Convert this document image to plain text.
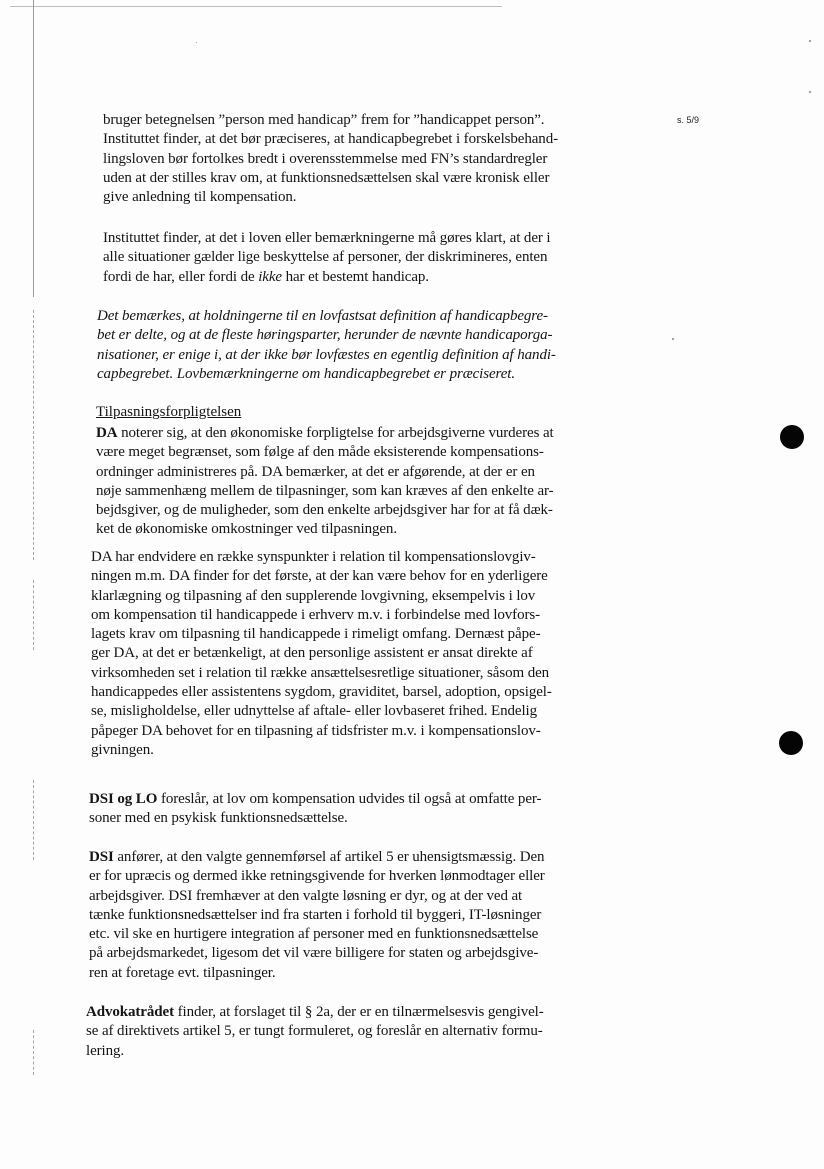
s. 5/9
bruger betegnelsen ”person med handicap” frem for ”handicappet person”.
Instituttet finder, at det bør præciseres, at handicapbegrebet i forskelsbehand-
lingsloven bør fortolkes bredt i overensstemmelse med FN’s standardregler
uden at der stilles krav om, at funktionsnedsættelsen skal være kronisk eller
give anledning til kompensation.
Instituttet finder, at det i loven eller bemærkningerne må gøres klart, at der i
alle situationer gælder lige beskyttelse af personer, der diskrimineres, enten
fordi de har, eller fordi de ikke har et bestemt handicap.
Det bemærkes, at holdningerne til en lovfastsat definition af handicapbegre-
bet er delte, og at de fleste høringsparter, herunder de nævnte handicaporga-
nisationer, er enige i, at der ikke bør lovfæstes en egentlig definition af handi-
capbegrebet. Lovbemærkningerne om handicapbegrebet er præciseret.
Tilpasningsforpligtelsen
DA noterer sig, at den økonomiske forpligtelse for arbejdsgiverne vurderes at
være meget begrænset, som følge af den måde eksisterende kompensations-
ordninger administreres på. DA bemærker, at det er afgørende, at der er en
nøje sammenhæng mellem de tilpasninger, som kan kræves af den enkelte ar-
bejdsgiver, og de muligheder, som den enkelte arbejdsgiver har for at få dæk-
ket de økonomiske omkostninger ved tilpasningen.
DA har endvidere en række synspunkter i relation til kompensationslovgiv-
ningen m.m. DA finder for det første, at der kan være behov for en yderligere
klarlægning og tilpasning af den supplerende lovgivning, eksempelvis i lov
om kompensation til handicappede i erhverv m.v. i forbindelse med lovfors-
lagets krav om tilpasning til handicappede i rimeligt omfang. Dernæst påpe-
ger DA, at det er betænkeligt, at den personlige assistent er ansat direkte af
virksomheden set i relation til række ansættelsesretlige situationer, såsom den
handicappedes eller assistentens sygdom, graviditet, barsel, adoption, opsigel-
se, misligholdelse, eller udnyttelse af aftale- eller lovbaseret frihed. Endelig
påpeger DA behovet for en tilpasning af tidsfrister m.v. i kompensationslov-
givningen.
DSI og LO foreslår, at lov om kompensation udvides til også at omfatte per-
soner med en psykisk funktionsnedsættelse.
DSI anfører, at den valgte gennemførsel af artikel 5 er uhensigtsmæssig. Den
er for upræcis og dermed ikke retningsgivende for hverken lønmodtager eller
arbejdsgiver. DSI fremhæver at den valgte løsning er dyr, og at der ved at
tænke funktionsnedsættelser ind fra starten i forhold til byggeri, IT-løsninger
etc. vil ske en hurtigere integration af personer med en funktionsnedsættelse
på arbejdsmarkedet, ligesom det vil være billigere for staten og arbejdsgive-
ren at foretage evt. tilpasninger.
Advokatrådet finder, at forslaget til § 2a, der er en tilnærmelsesvis gengivel-
se af direktivets artikel 5, er tungt formuleret, og foreslår en alternativ formu-
lering.
